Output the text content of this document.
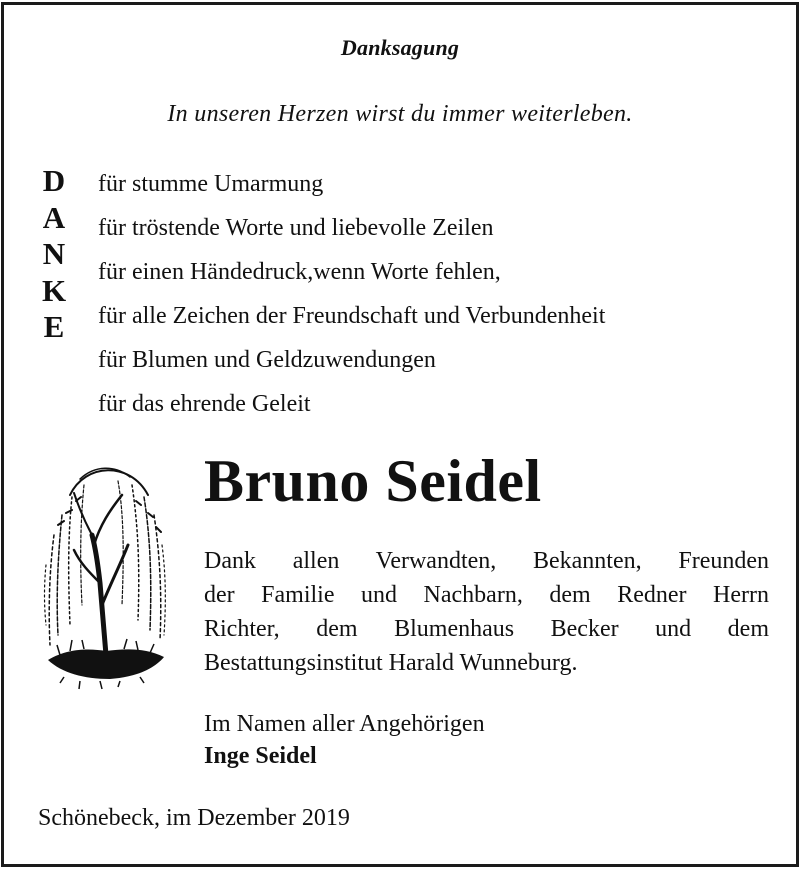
Danksagung
In unseren Herzen wirst du immer weiterleben.
D
A
N
K
E
für stumme Umarmung
für tröstende Worte und liebevolle Zeilen
für einen Händedruck,wenn Worte fehlen,
für alle Zeichen der Freundschaft und Verbundenheit
für Blumen und Geldzuwendungen
für das ehrende Geleit
Bruno Seidel
Dank allen Verwandten, Bekannten, Freunden
der Familie und Nachbarn, dem Redner Herrn
Richter, dem Blumenhaus Becker und dem
Bestattungsinstitut Harald Wunneburg.
Im Namen aller Angehörigen
Inge Seidel
Schönebeck, im Dezember 2019
